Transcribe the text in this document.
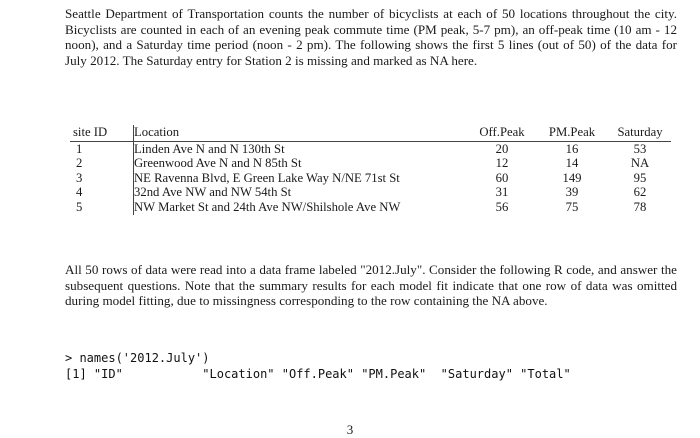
Seattle Department of Transportation counts the number of bicyclists at each of 50 locations throughout the city. Bicyclists are counted in each of an evening peak commute time (PM peak, 5-7 pm), an off-peak time (10 am - 12 noon), and a Saturday time period (noon - 2 pm). The following shows the first 5 lines (out of 50) of the data for July 2012. The Saturday entry for Station 2 is missing and marked as NA here.
site ID	Location	Off.Peak	PM.Peak	Saturday
1	Linden Ave N and N 130th St	20	16	53
2	Greenwood Ave N and N 85th St	12	14	NA
3	NE Ravenna Blvd, E Green Lake Way N/NE 71st St	60	149	95
4	32nd Ave NW and NW 54th St	31	39	62
5	NW Market St and 24th Ave NW/Shilshole Ave NW	56	75	78
All 50 rows of data were read into a data frame labeled "2012.July". Consider the following R code, and answer the subsequent questions. Note that the summary results for each model fit indicate that one row of data was omitted during model fitting, due to missingness corresponding to the row containing the NA above.
> names('2012.July')
[1] "ID"           "Location" "Off.Peak" "PM.Peak"  "Saturday" "Total"
3
